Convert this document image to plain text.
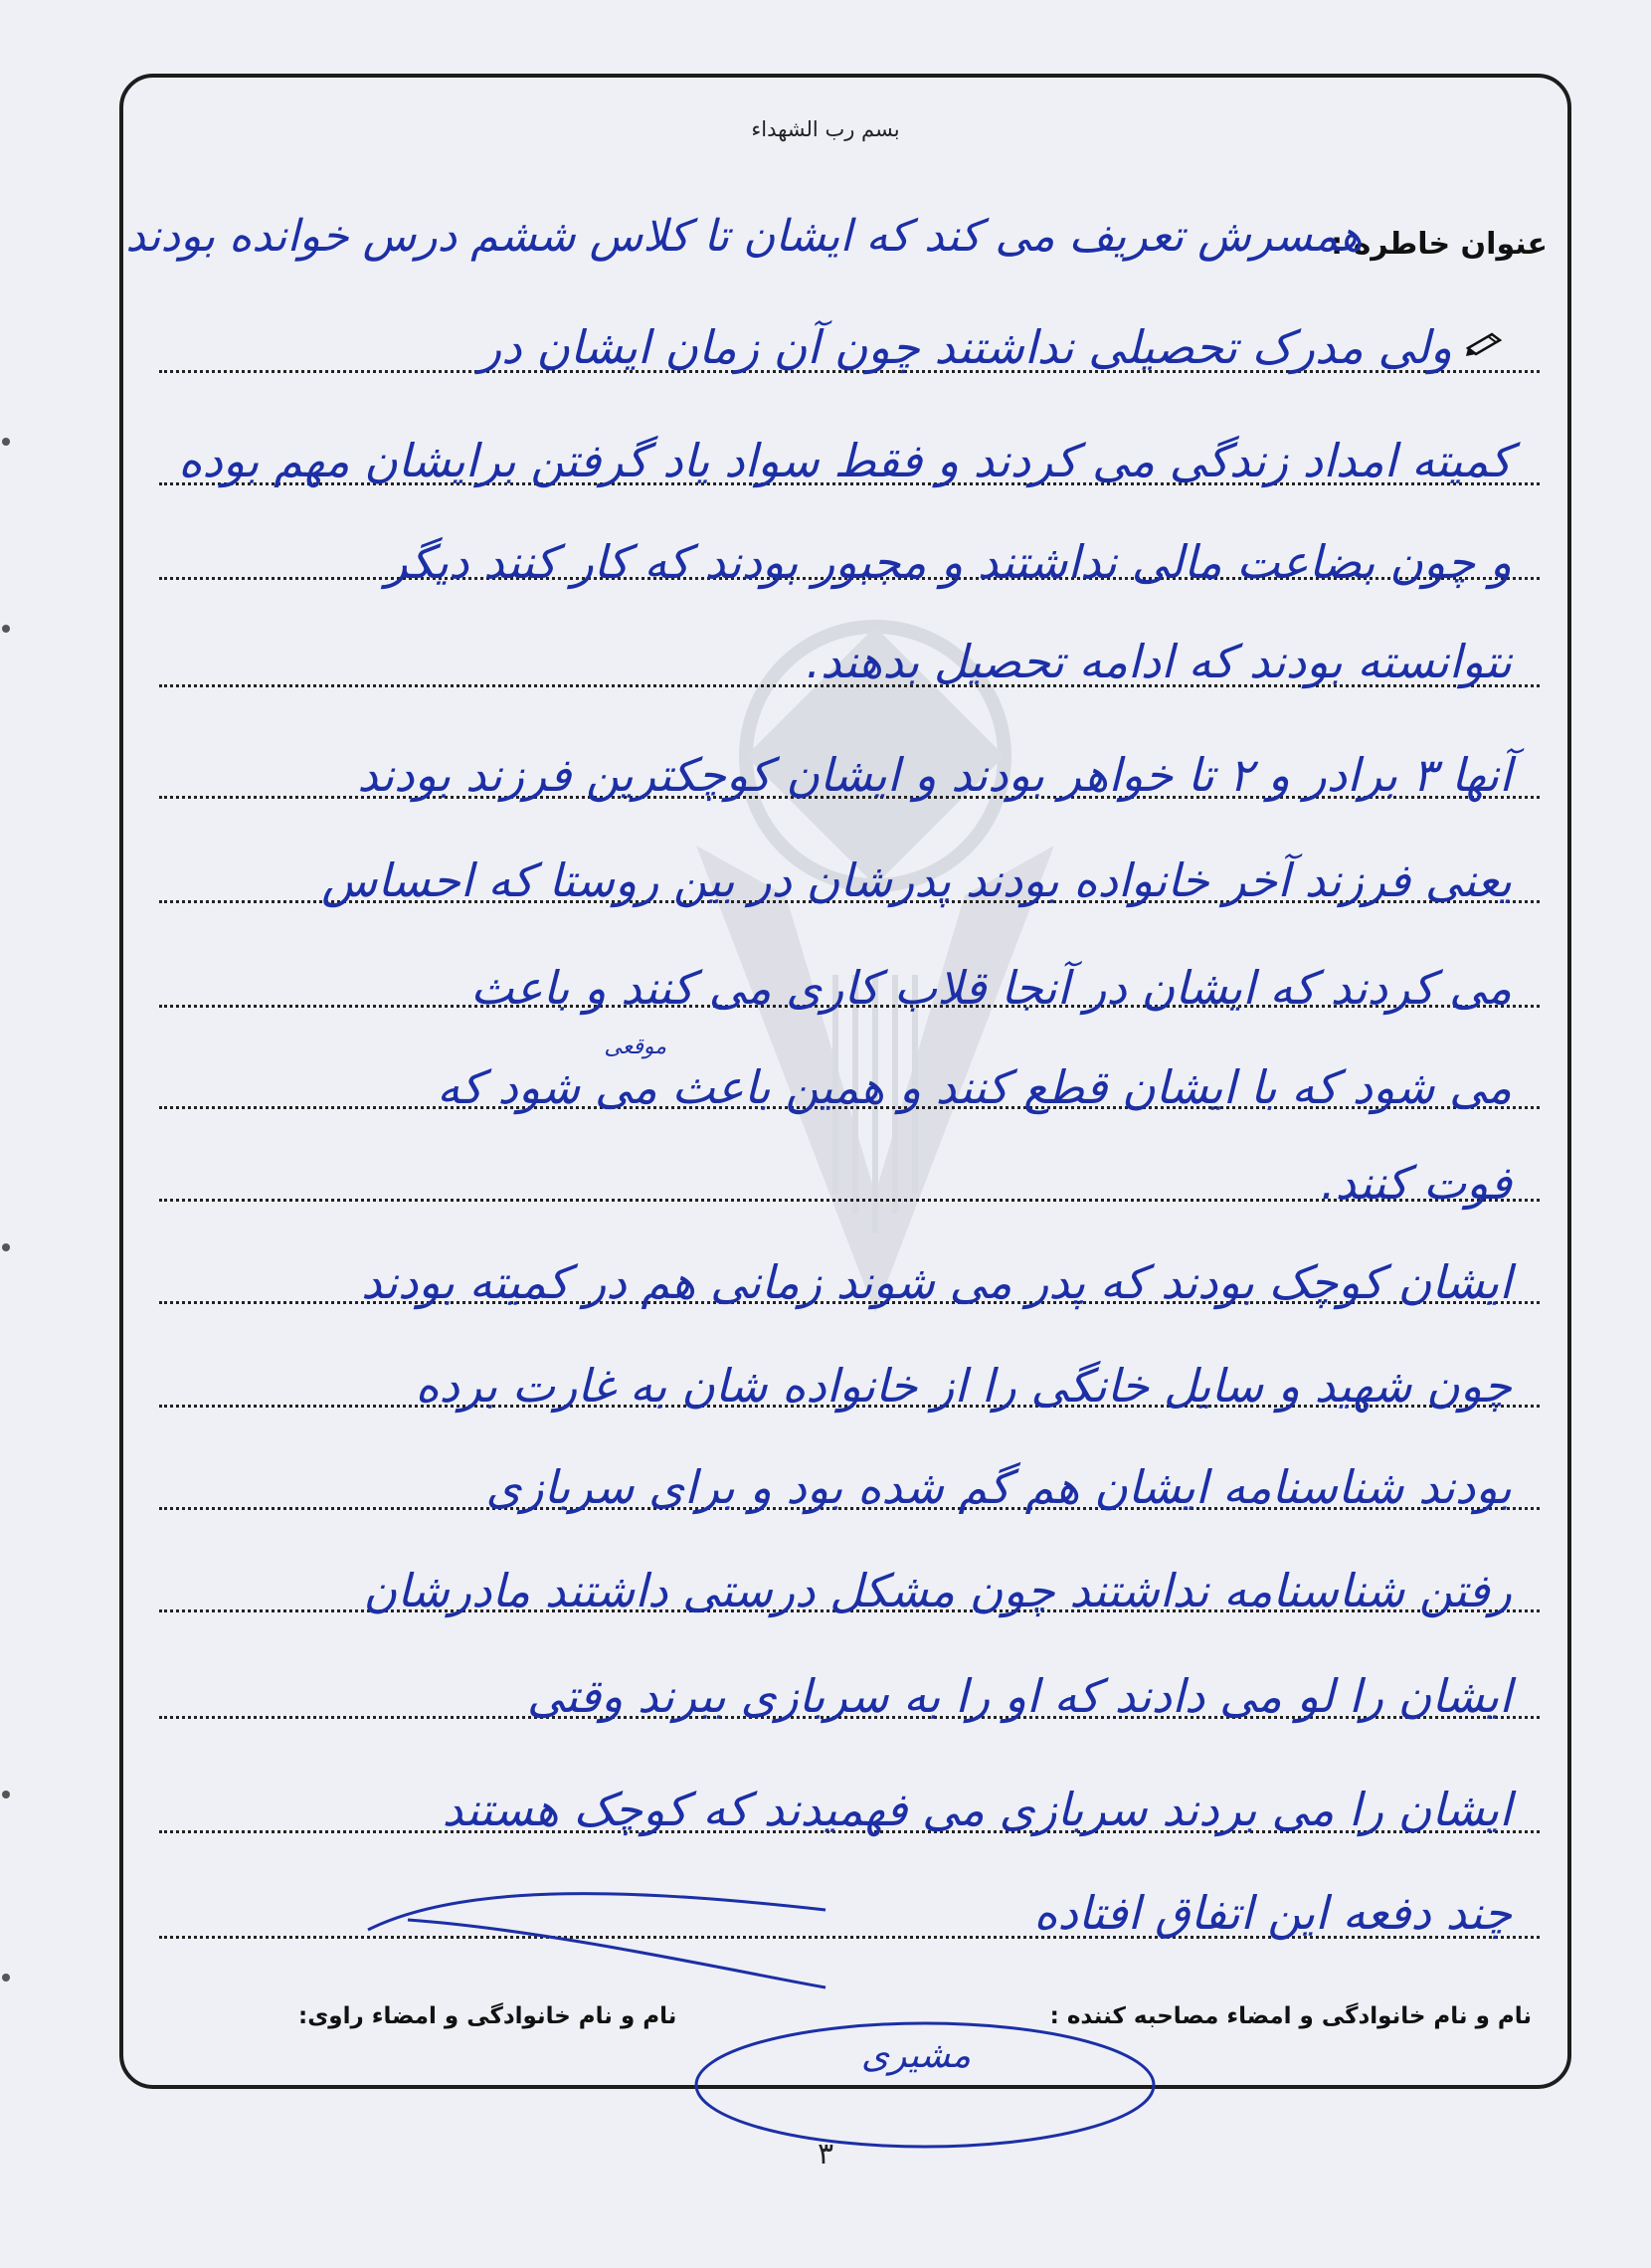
بسم رب الشهداء
عنوان خاطره :
همسرش تعریف می کند که ایشان تا کلاس ششم درس خوانده بودند
ولی مدرک تحصیلی نداشتند چون آن زمان ایشان در
کمیته امداد زندگی می کردند و فقط سواد یاد گرفتن برایشان مهم بوده
و چون بضاعت مالی نداشتند و مجبور بودند که کار کنند دیگر
نتوانسته بودند که ادامه تحصیل بدهند.
آنها ۳ برادر و ۲ تا خواهر بودند و ایشان کوچکترین فرزند بودند
یعنی فرزند آخر خانواده بودند پدرشان در بین روستا که احساس
می کردند که ایشان در آنجا قلاب کاری می کنند و باعث
موقعی
می شود که با ایشان قطع کنند و همین باعث می شود که
فوت کنند.
ایشان کوچک بودند که پدر می شوند زمانی هم در کمیته بودند
چون شهید و سایل خانگی را از خانواده شان به غارت برده
بودند شناسنامه ایشان هم گم شده بود و برای سربازی
رفتن شناسنامه نداشتند چون مشکل درستی داشتند مادرشان
ایشان را لو می دادند که او را به سربازی ببرند وقتی
ایشان را می بردند سربازی می فهمیدند که کوچک هستند
چند دفعه این اتفاق افتاده
نام و نام خانوادگی و امضاء مصاحبه کننده :
نام و نام خانوادگی و امضاء راوی:
مشیری
۳
